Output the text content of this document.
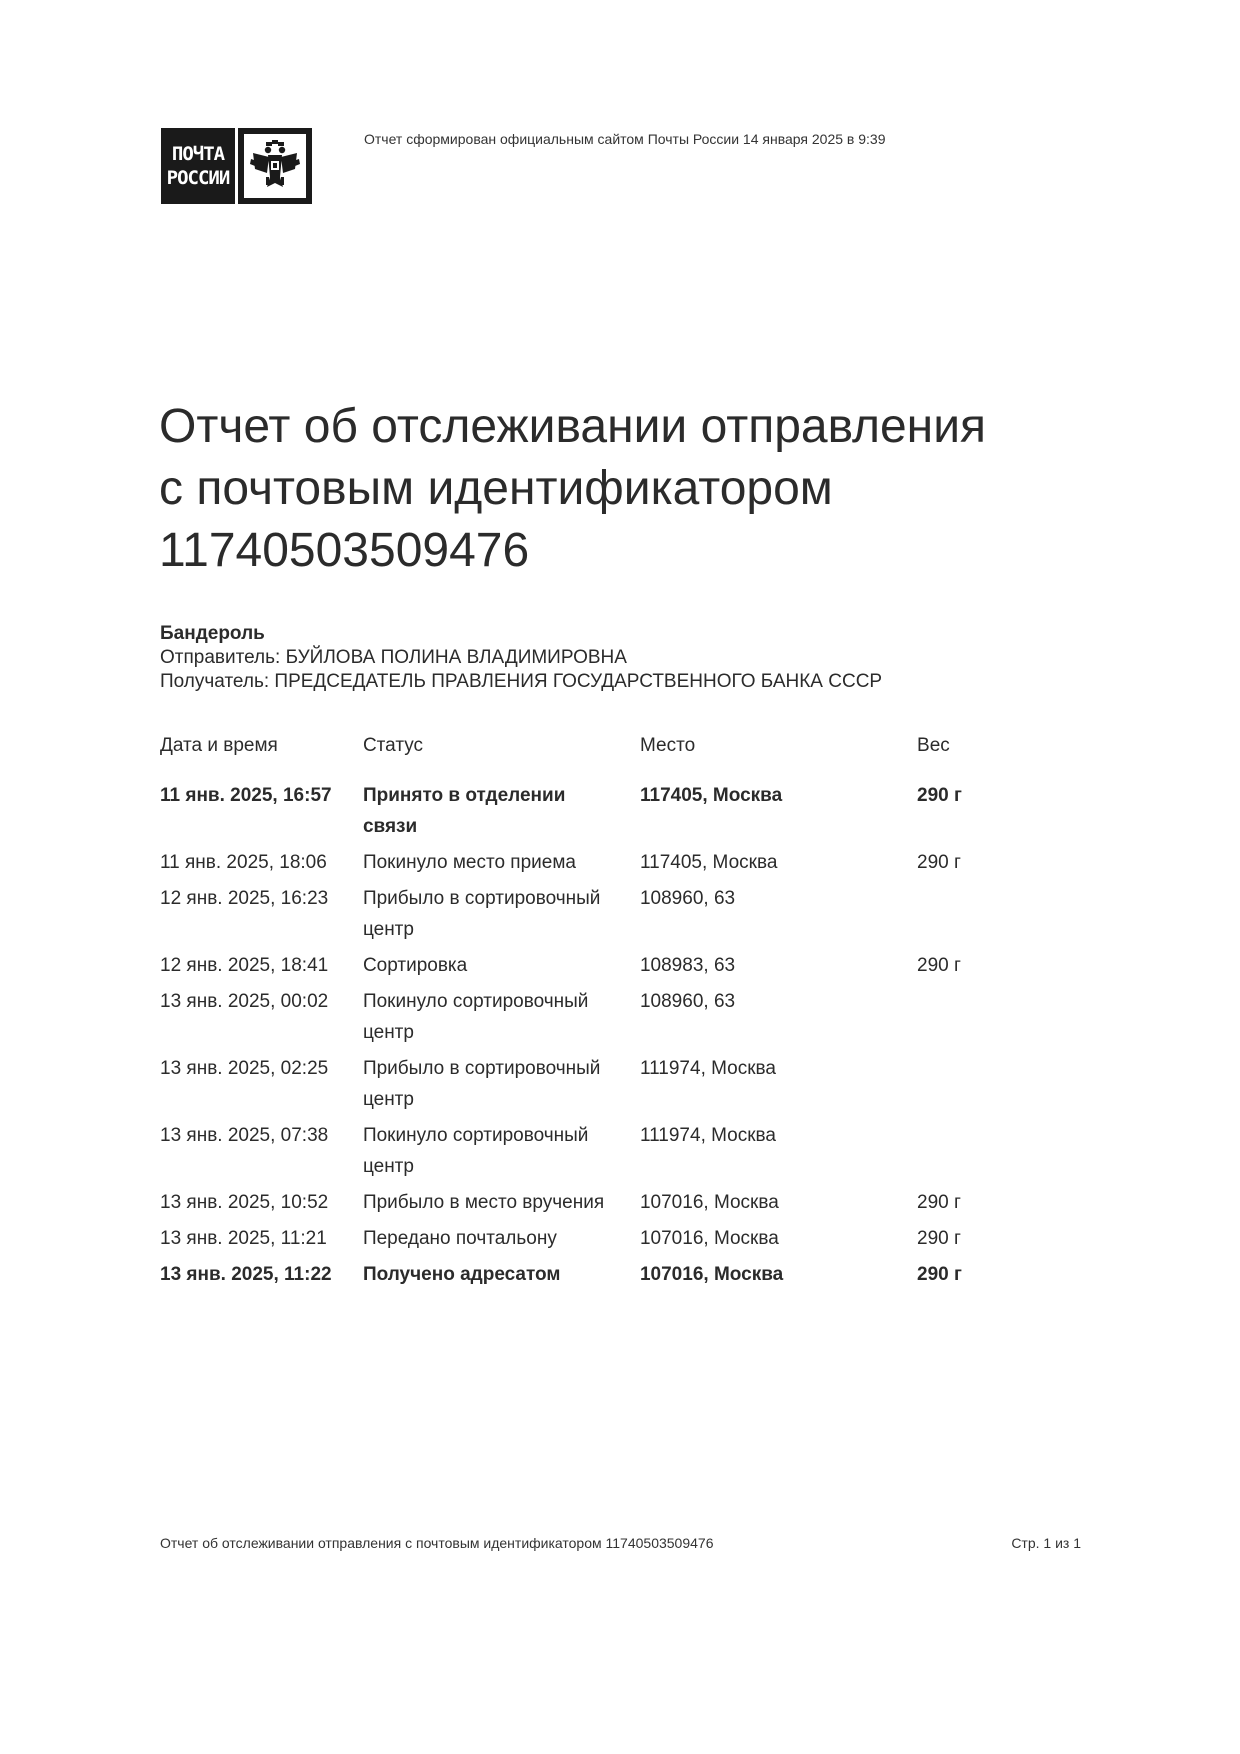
ПОЧТА
РОССИИ
Отчет сформирован официальным сайтом Почты России 14 января 2025 в 9:39
Отчет об отслеживании отправления
с почтовым идентификатором
11740503509476
Бандероль
Отправитель: БУЙЛОВА ПОЛИНА ВЛАДИМИРОВНА
Получатель: ПРЕДСЕДАТЕЛЬ ПРАВЛЕНИЯ ГОСУДАРСТВЕННОГО БАНКА СССР
Дата и время	Статус	Место	Вес
11 янв. 2025, 16:57	Принято в отделении связи	117405, Москва	290 г
11 янв. 2025, 18:06	Покинуло место приема	117405, Москва	290 г
12 янв. 2025, 16:23	Прибыло в сортировочный центр	108960, 63	
12 янв. 2025, 18:41	Сортировка	108983, 63	290 г
13 янв. 2025, 00:02	Покинуло сортировочный центр	108960, 63	
13 янв. 2025, 02:25	Прибыло в сортировочный центр	111974, Москва	
13 янв. 2025, 07:38	Покинуло сортировочный центр	111974, Москва	
13 янв. 2025, 10:52	Прибыло в место вручения	107016, Москва	290 г
13 янв. 2025, 11:21	Передано почтальону	107016, Москва	290 г
13 янв. 2025, 11:22	Получено адресатом	107016, Москва	290 г
Отчет об отслеживании отправления с почтовым идентификатором 11740503509476	Стр. 1 из 1
